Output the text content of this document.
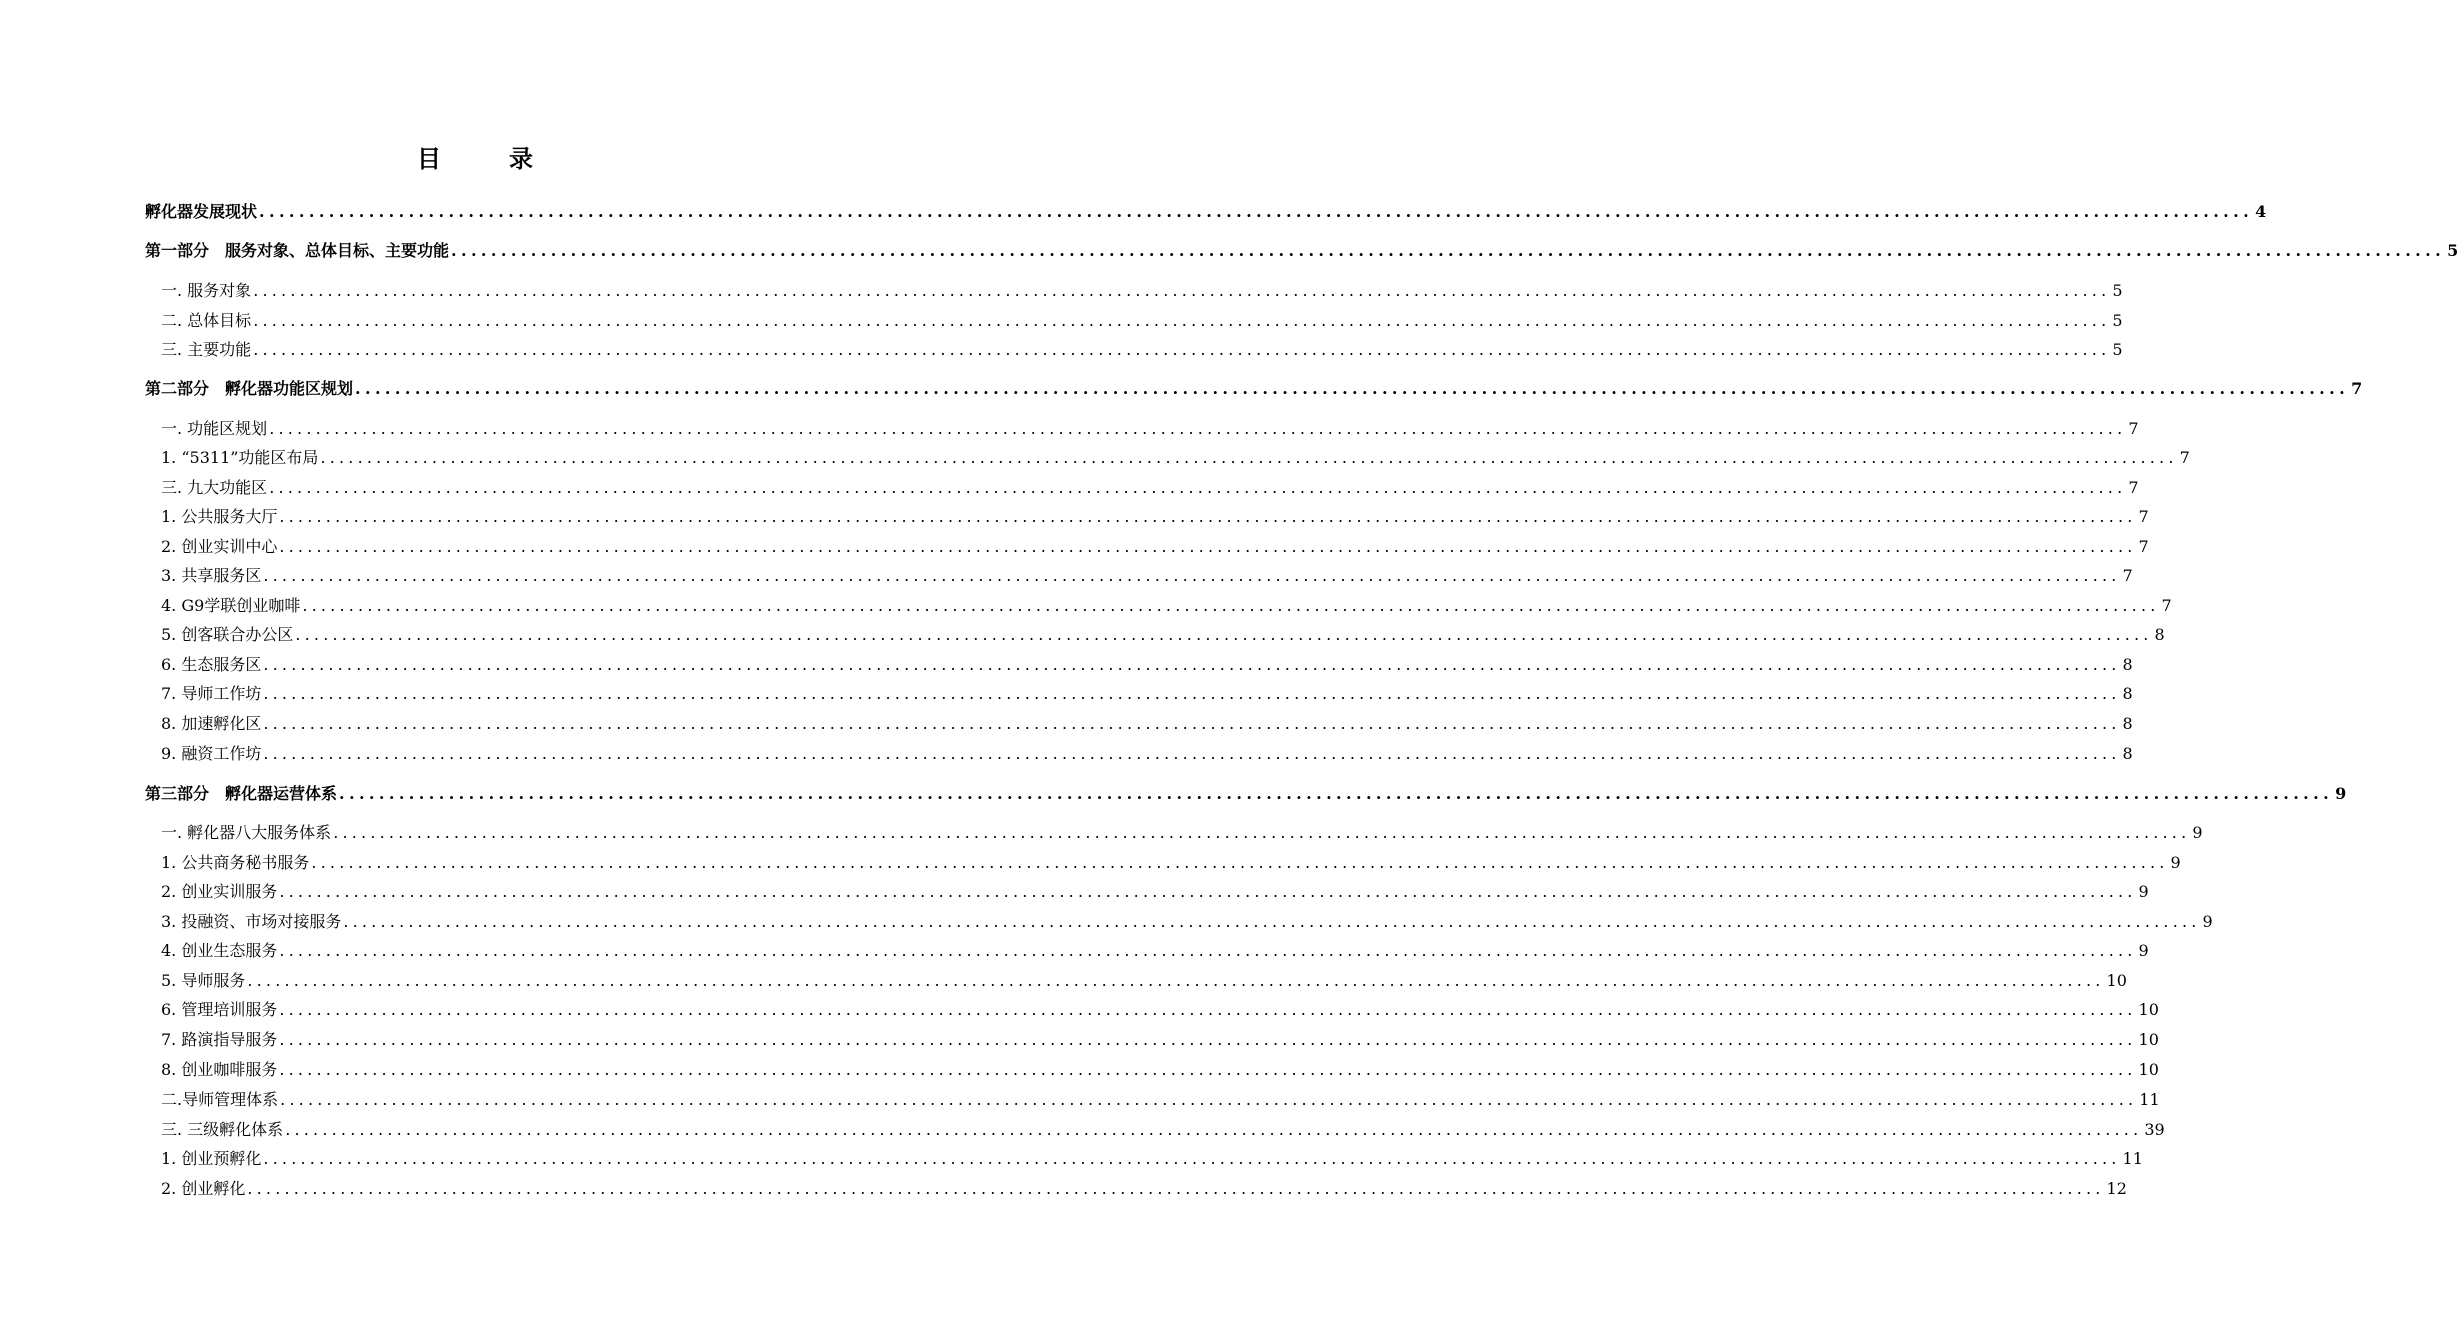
目　录
孵化器发展现状 ........................................................................................................................................................................................................ 4
第一部分　服务对象、总体目标、主要功能 ........................................................................................................................................................................................................ 5
一. 服务对象 ........................................................................................................................................................................................................ 5
二. 总体目标 ........................................................................................................................................................................................................ 5
三. 主要功能 ........................................................................................................................................................................................................ 5
第二部分　孵化器功能区规划 ........................................................................................................................................................................................................ 7
一. 功能区规划 ........................................................................................................................................................................................................ 7
1. “5311”功能区布局 ........................................................................................................................................................................................................ 7
三. 九大功能区 ........................................................................................................................................................................................................ 7
1. 公共服务大厅 ........................................................................................................................................................................................................ 7
2. 创业实训中心 ........................................................................................................................................................................................................ 7
3. 共享服务区 ........................................................................................................................................................................................................ 7
4. G9学联创业咖啡 ........................................................................................................................................................................................................ 7
5. 创客联合办公区 ........................................................................................................................................................................................................ 8
6. 生态服务区 ........................................................................................................................................................................................................ 8
7. 导师工作坊 ........................................................................................................................................................................................................ 8
8. 加速孵化区 ........................................................................................................................................................................................................ 8
9. 融资工作坊 ........................................................................................................................................................................................................ 8
第三部分　孵化器运营体系 ........................................................................................................................................................................................................ 9
一. 孵化器八大服务体系 ........................................................................................................................................................................................................ 9
1. 公共商务秘书服务 ........................................................................................................................................................................................................ 9
2. 创业实训服务 ........................................................................................................................................................................................................ 9
3. 投融资、市场对接服务 ........................................................................................................................................................................................................ 9
4. 创业生态服务 ........................................................................................................................................................................................................ 9
5. 导师服务 ........................................................................................................................................................................................................ 10
6. 管理培训服务 ........................................................................................................................................................................................................ 10
7. 路演指导服务 ........................................................................................................................................................................................................ 10
8. 创业咖啡服务 ........................................................................................................................................................................................................ 10
二.导师管理体系 ........................................................................................................................................................................................................ 11
三. 三级孵化体系 ........................................................................................................................................................................................................ 39
1. 创业预孵化 ........................................................................................................................................................................................................ 11
2. 创业孵化 ........................................................................................................................................................................................................ 12
